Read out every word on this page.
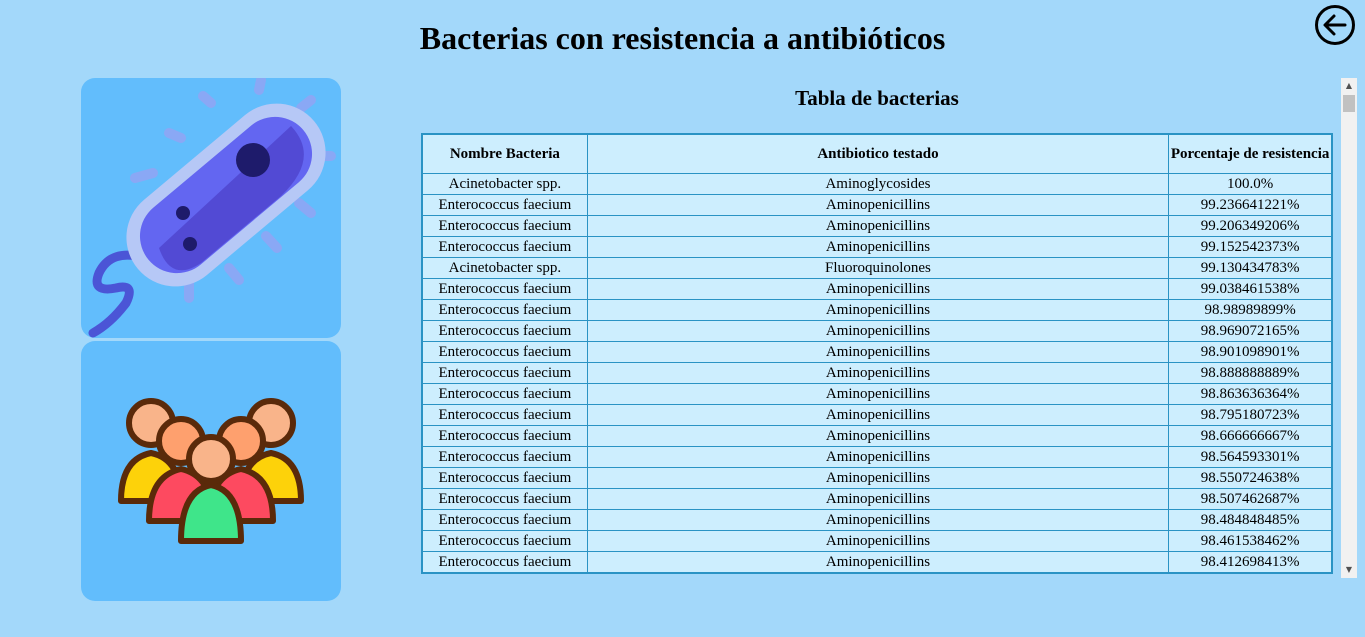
Bacterias con resistencia a antibióticos
Tabla de bacterias
Nombre Bacteria	Antibiotico testado	Porcentaje de resistencia
Acinetobacter spp.	Aminoglycosides	100.0%
Enterococcus faecium	Aminopenicillins	99.236641221%
Enterococcus faecium	Aminopenicillins	99.206349206%
Enterococcus faecium	Aminopenicillins	99.152542373%
Acinetobacter spp.	Fluoroquinolones	99.130434783%
Enterococcus faecium	Aminopenicillins	99.038461538%
Enterococcus faecium	Aminopenicillins	98.98989899%
Enterococcus faecium	Aminopenicillins	98.969072165%
Enterococcus faecium	Aminopenicillins	98.901098901%
Enterococcus faecium	Aminopenicillins	98.888888889%
Enterococcus faecium	Aminopenicillins	98.863636364%
Enterococcus faecium	Aminopenicillins	98.795180723%
Enterococcus faecium	Aminopenicillins	98.666666667%
Enterococcus faecium	Aminopenicillins	98.564593301%
Enterococcus faecium	Aminopenicillins	98.550724638%
Enterococcus faecium	Aminopenicillins	98.507462687%
Enterococcus faecium	Aminopenicillins	98.484848485%
Enterococcus faecium	Aminopenicillins	98.461538462%
Enterococcus faecium	Aminopenicillins	98.412698413%
▲
▼
